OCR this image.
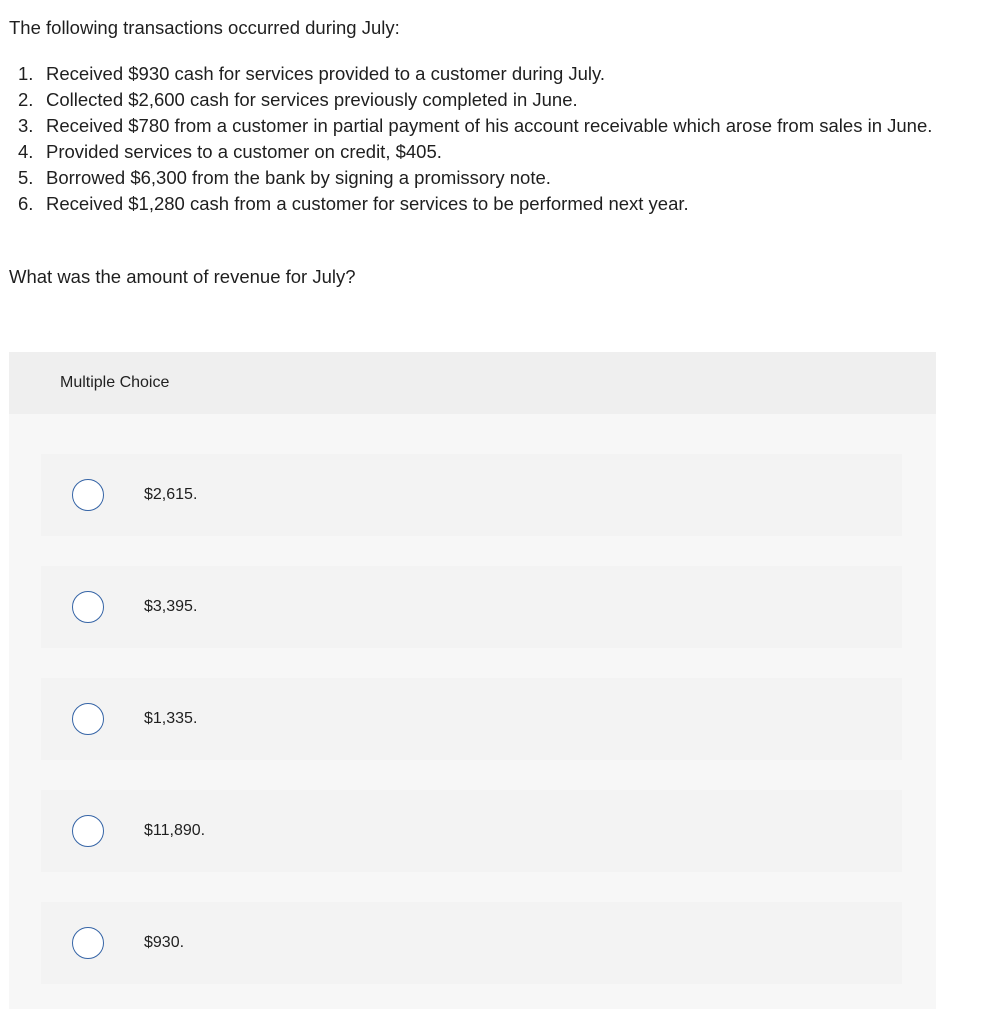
The following transactions occurred during July:

1. Received $930 cash for services provided to a customer during July.
2. Collected $2,600 cash for services previously completed in June.
3. Received $780 from a customer in partial payment of his account receivable which arose from sales in June.
4. Provided services to a customer on credit, $405.
5. Borrowed $6,300 from the bank by signing a promissory note.
6. Received $1,280 cash from a customer for services to be performed next year.

What was the amount of revenue for July?

Multiple Choice
$2,615.
$3,395.
$1,335.
$11,890.
$930.
